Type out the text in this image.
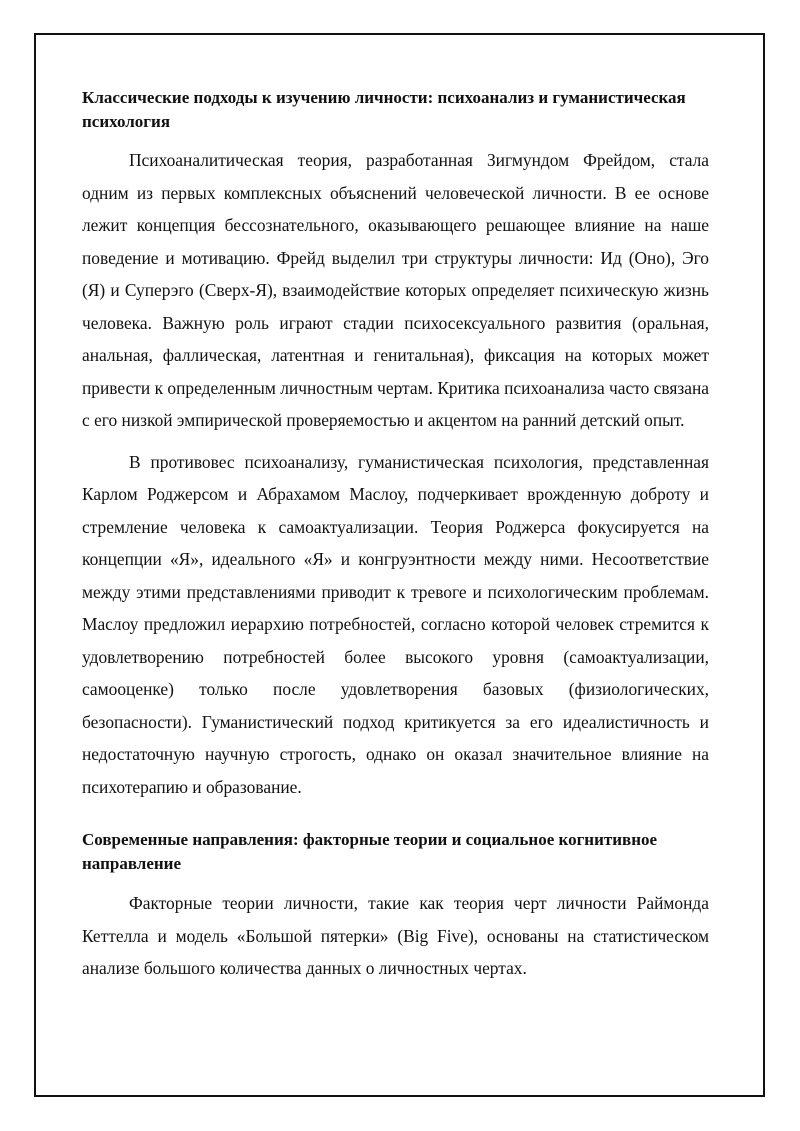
Классические подходы к изучению личности: психоанализ и гуманистическая психология

Психоаналитическая теория, разработанная Зигмундом Фрейдом, стала одним из первых комплексных объяснений человеческой личности. В ее основе лежит концепция бессознательного, оказывающего решающее влияние на наше поведение и мотивацию. Фрейд выделил три структуры личности: Ид (Оно), Эго (Я) и Суперэго (Сверх-Я), взаимодействие которых определяет психическую жизнь человека. Важную роль играют стадии психосексуального развития (оральная, анальная, фаллическая, латентная и генитальная), фиксация на которых может привести к определенным личностным чертам. Критика психоанализа часто связана с его низкой эмпирической проверяемостью и акцентом на ранний детский опыт.

В противовес психоанализу, гуманистическая психология, представленная Карлом Роджерсом и Абрахамом Маслоу, подчеркивает врожденную доброту и стремление человека к самоактуализации. Теория Роджерса фокусируется на концепции «Я», идеального «Я» и конгруэнтности между ними. Несоответствие между этими представлениями приводит к тревоге и психологическим проблемам. Маслоу предложил иерархию потребностей, согласно которой человек стремится к удовлетворению потребностей более высокого уровня (самоактуализации, самооценке) только после удовлетворения базовых (физиологических, безопасности). Гуманистический подход критикуется за его идеалистичность и недостаточную научную строгость, однако он оказал значительное влияние на психотерапию и образование.

Современные направления: факторные теории и социальное когнитивное направление

Факторные теории личности, такие как теория черт личности Раймонда Кеттелла и модель «Большой пятерки» (Big Five), основаны на статистическом анализе большого количества данных о личностных чертах.
